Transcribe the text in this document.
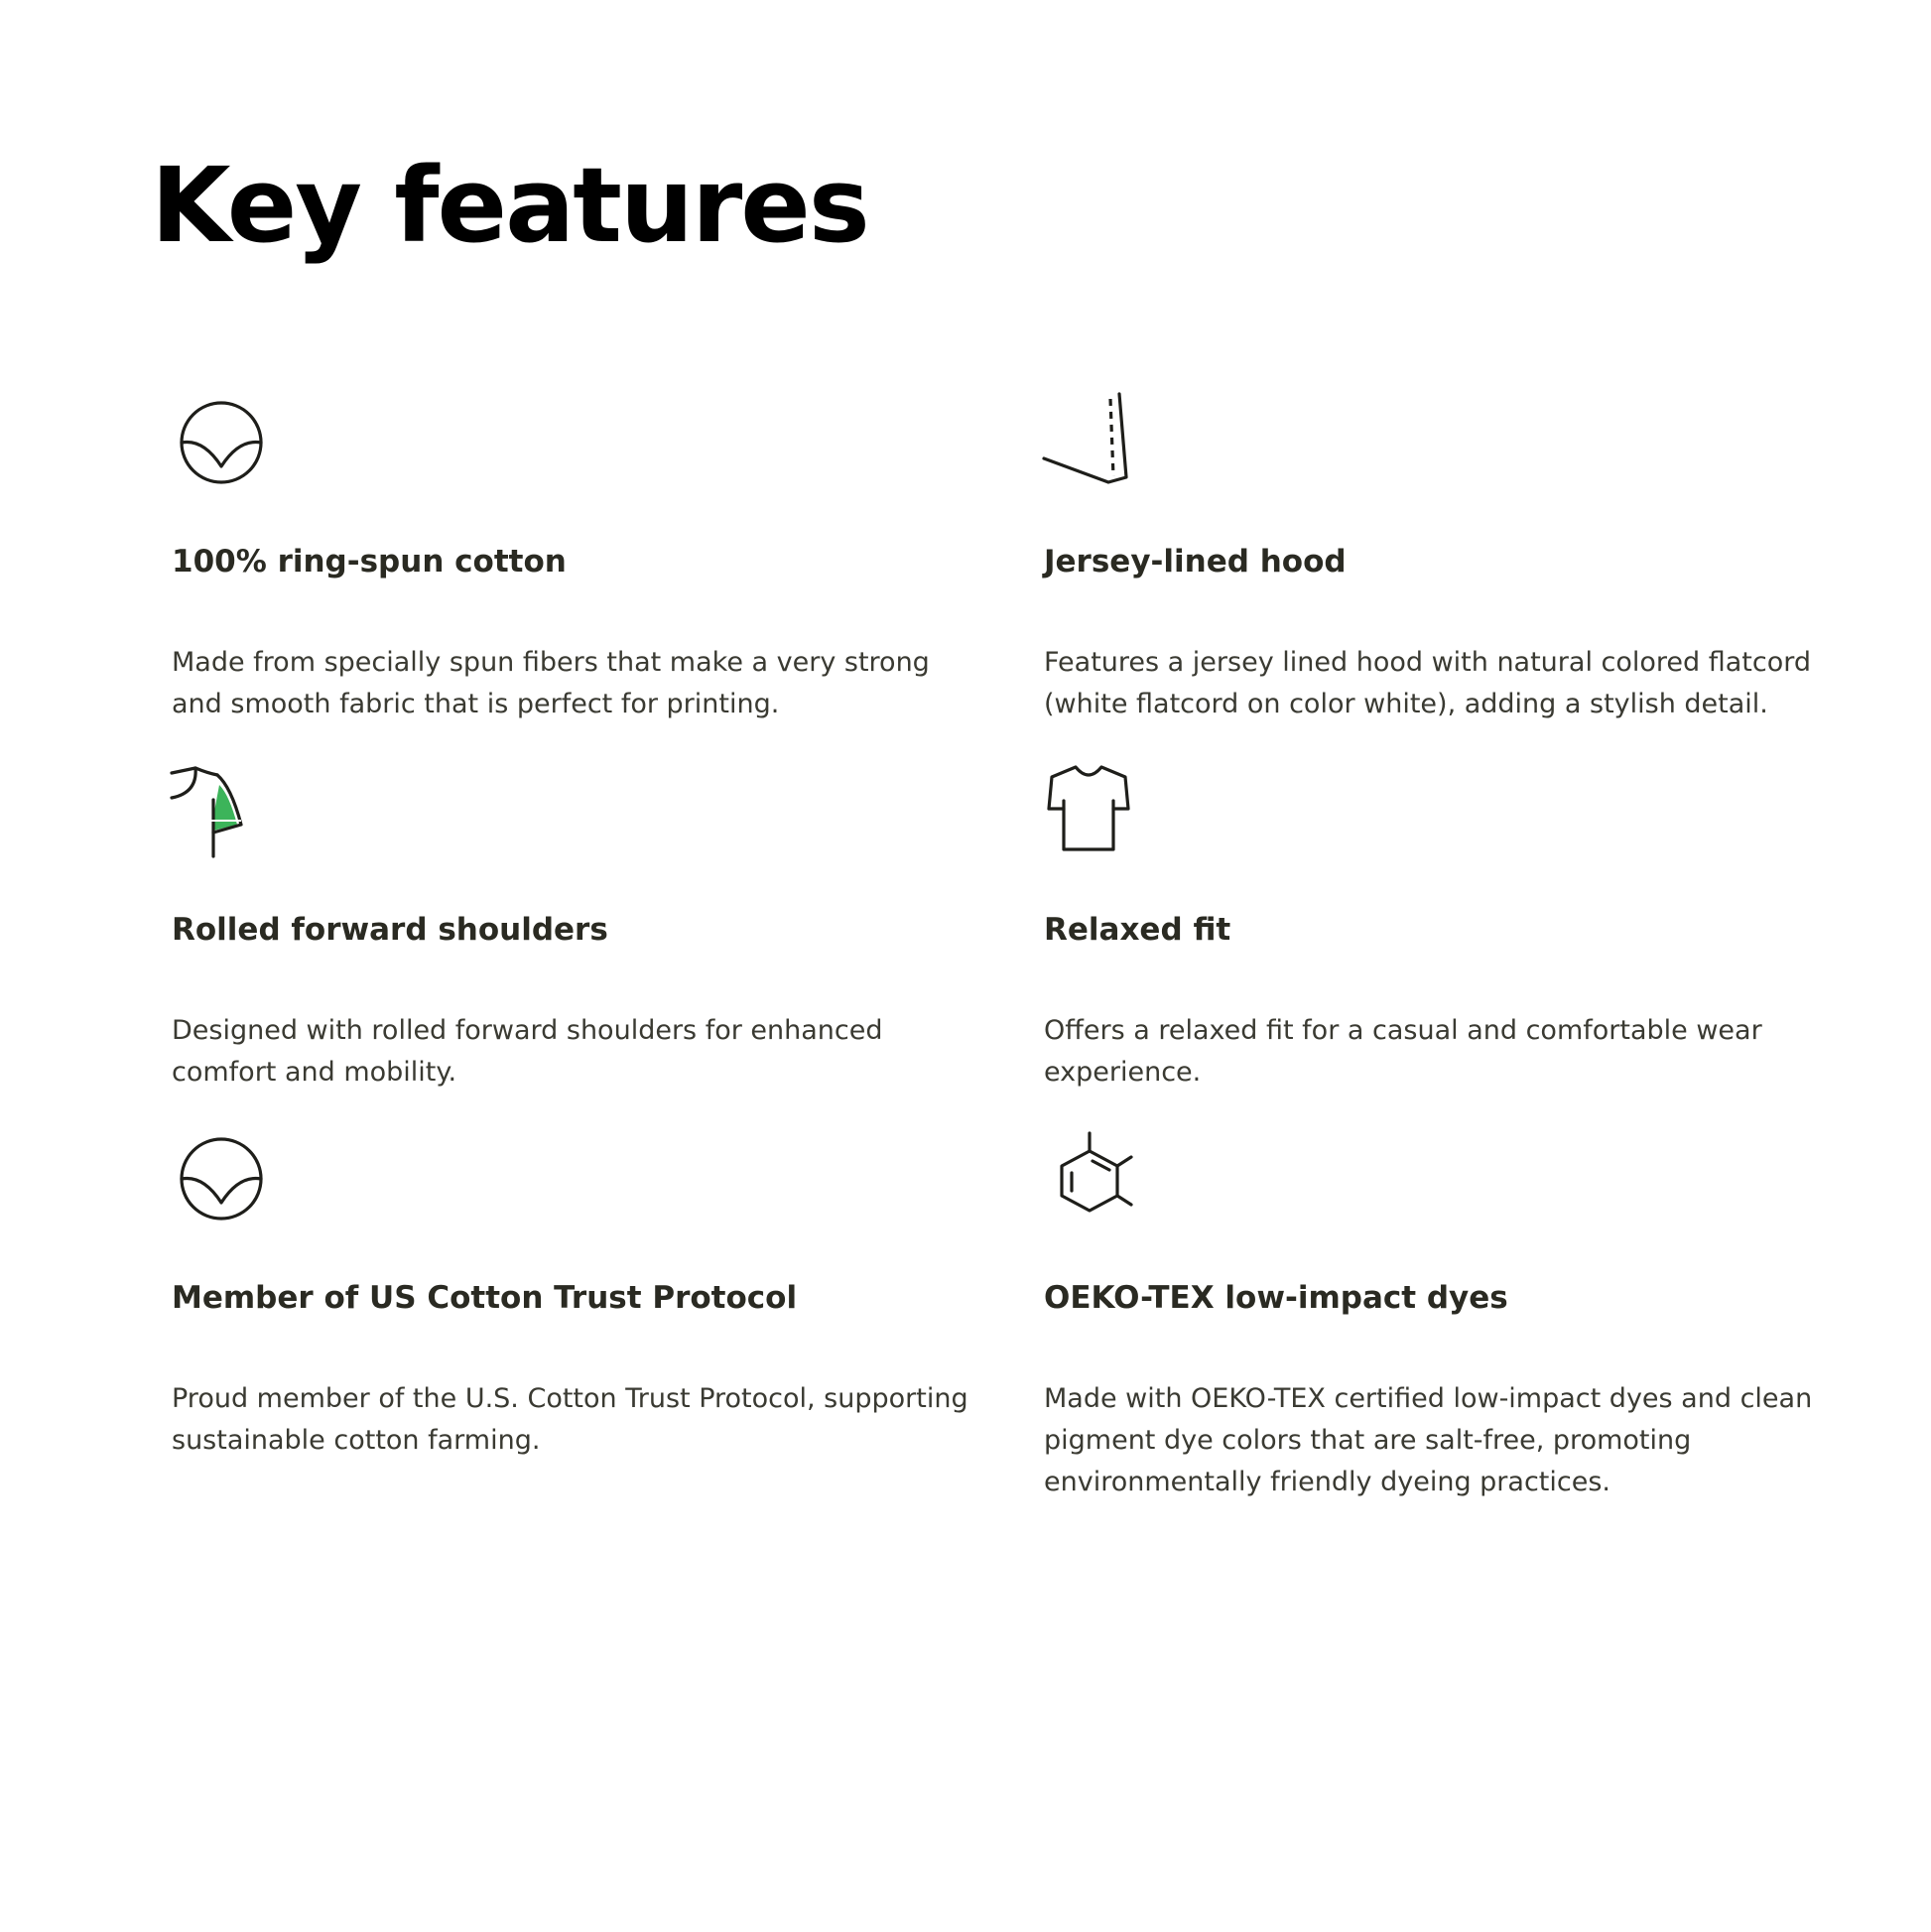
Key features
100% ring-spun cotton

Made from specially spun fibers that make a very strong and smooth fabric that is perfect for printing.

Jersey-lined hood

Features a jersey lined hood with natural colored flatcord (white flatcord on color white), adding a stylish detail.

Rolled forward shoulders

Designed with rolled forward shoulders for enhanced comfort and mobility.

Relaxed fit

Offers a relaxed fit for a casual and comfortable wear experience.

Member of US Cotton Trust Protocol

Proud member of the U.S. Cotton Trust Protocol, supporting sustainable cotton farming.

OEKO-TEX low-impact dyes

Made with OEKO-TEX certified low-impact dyes and clean pigment dye colors that are salt-free, promoting environmentally friendly dyeing practices.
